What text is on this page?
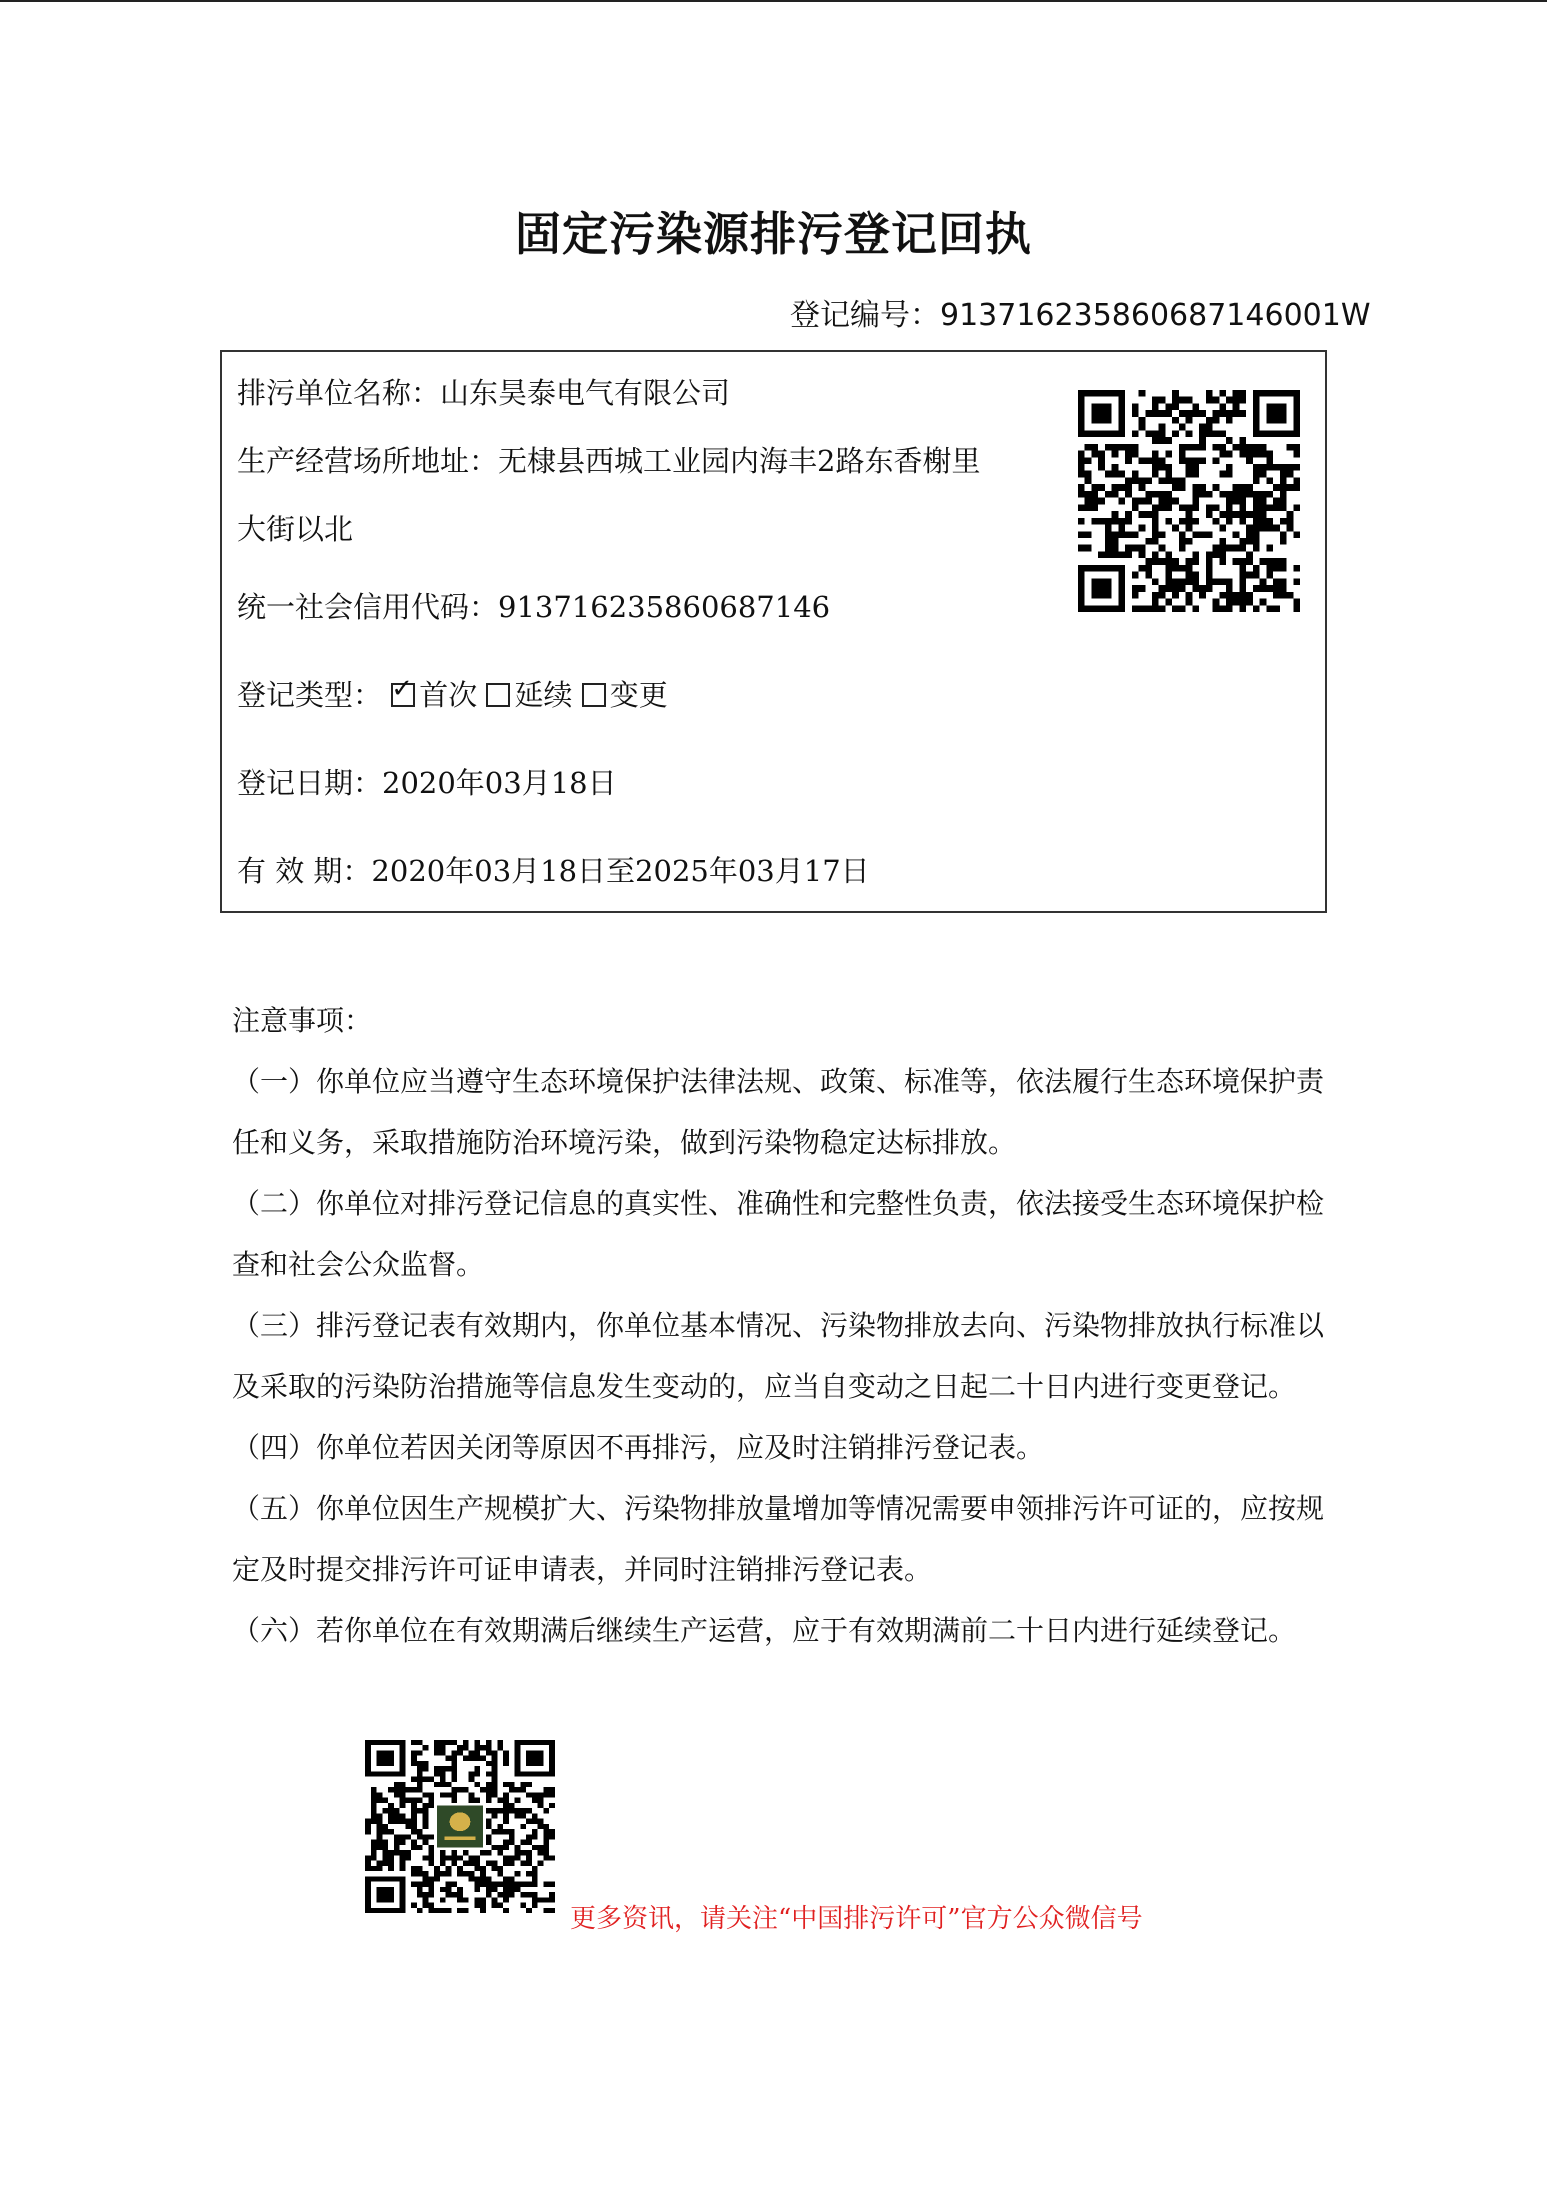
固定污染源排污登记回执
登记编号：913716235860687146001W
排污单位名称：山东昊泰电气有限公司
生产经营场所地址：无棣县西城工业园内海丰2路东香榭里
大街以北
统一社会信用代码：913716235860687146
登记类型： ✓ 首次 延续 变更
登记日期：2020年03月18日
有 效 期：2020年03月18日至2025年03月17日
注意事项：
（一）你单位应当遵守生态环境保护法律法规、政策、标准等，依法履行生态环境保护责
任和义务，采取措施防治环境污染，做到污染物稳定达标排放。
（二）你单位对排污登记信息的真实性、准确性和完整性负责，依法接受生态环境保护检
查和社会公众监督。
（三）排污登记表有效期内，你单位基本情况、污染物排放去向、污染物排放执行标准以
及采取的污染防治措施等信息发生变动的，应当自变动之日起二十日内进行变更登记。
（四）你单位若因关闭等原因不再排污，应及时注销排污登记表。
（五）你单位因生产规模扩大、污染物排放量增加等情况需要申领排污许可证的，应按规
定及时提交排污许可证申请表，并同时注销排污登记表。
（六）若你单位在有效期满后继续生产运营，应于有效期满前二十日内进行延续登记。
更多资讯，请关注“中国排污许可”官方公众微信号
